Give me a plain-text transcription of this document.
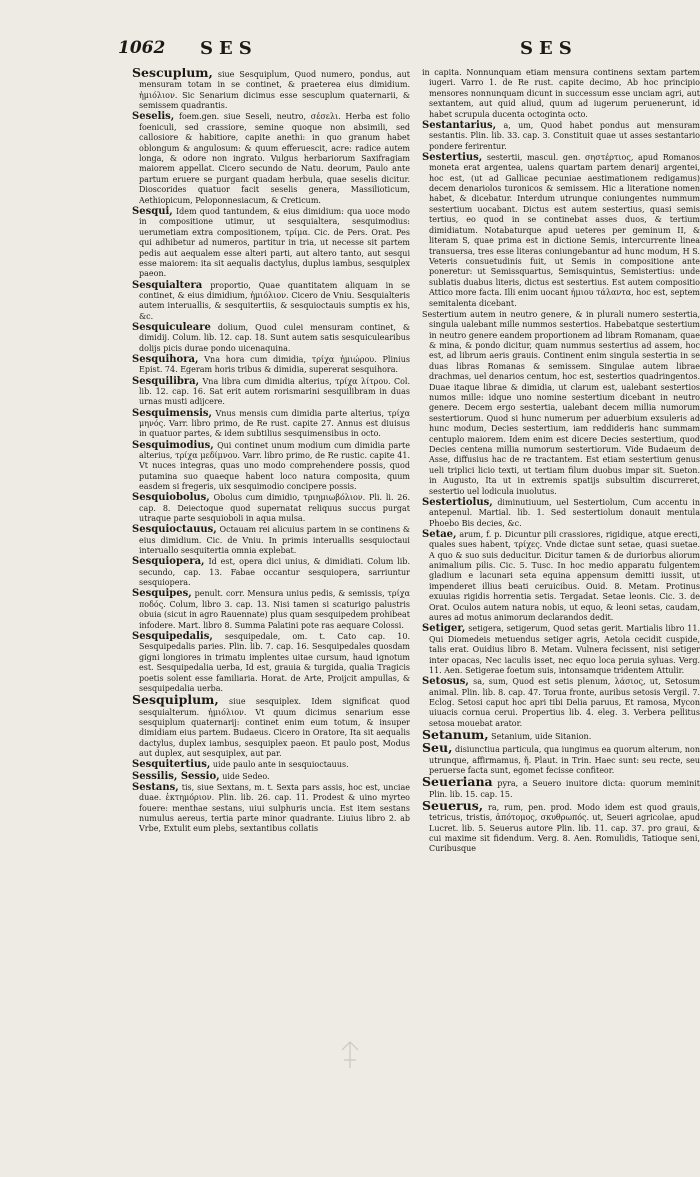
1062 SES	SES

Sescuplum, siue Sesquiplum, Quod numero, pondus, aut mensuram totam in se continet, & praeterea eius dimidium. ἡμιόλιον. Sic Senarium dicimus esse sescuplum quaternarii, & semissem quadrantis.

Seselis, foem.gen. siue Seseli, neutro, σέσελι. Herba est folio foeniculi, sed crassiore, semine quoque non absimili, sed callosiore & habitiore, capite anethi: in quo granum habet oblongum & angulosum: & quum efferuescit, acre: radice autem longa, & odore non ingrato. Vulgus herbariorum Saxifragiam maiorem appellat. Cicero secundo de Natu. deorum, Paulo ante partum eruere se purgant quadam herbula, quae seselis dicitur. Dioscorides quatuor facit seselis genera, Massilioticum, Aethiopicum, Peloponnesiacum, & Creticum.

Sesqui, Idem quod tantundem, & eius dimidium: qua uoce modo in compositione utimur, ut sesquialtera, sesquimodius: uerumetiam extra compositionem, τρίμα. Cic. de Pers. Orat. Pes qui adhibetur ad numeros, partitur in tria, ut necesse sit partem pedis aut aequalem esse alteri parti, aut altero tanto, aut sesqui esse maiorem: ita sit aequalis dactylus, duplus iambus, sesquiplex paeon.

Sesquialtera proportio, Quae quantitatem aliquam in se continet, & eius dimidium, ἡμιόλιον. Cicero de Vniu. Sesquialteris autem interuallis, & sesquitertiis, & sesquioctauis sumptis ex his, &c.

Sesquiculeare dolium, Quod culei mensuram continet, & dimidij. Colum. lib. 12. cap. 18. Sunt autem satis sesquiculearibus dolijs picis durae pondo uicenaquina.

Sesquihora, Vna hora cum dimidia, τρίχα ἡμιώρου. Plinius Epist. 74. Egeram horis tribus & dimidia, supererat sesquihora.

Sesquilibra, Vna libra cum dimidia alterius, τρίχα λίτρου. Col. lib. 12. cap. 16. Sat erit autem rorismarini sesquilibram in duas urnas musti adijcere.

Sesquimensis, Vnus mensis cum dimidia parte alterius, τρίχα μηνός. Varr. libro primo, de Re rust. capite 27. Annus est diuisus in quatuor partes, & idem subtilius sesquimensibus in octo.

Sesquimodius, Qui continet unum modium cum dimidia parte alterius, τρίχα μεδίμνου. Varr. libro primo, de Re rustic. capite 41. Vt nuces integras, quas uno modo comprehendere possis, quod putamina suo quaeque habent loco natura composita, quum easdem si fregeris, uix sesquimodio concipere possis.

Sesquiobolus, Obolus cum dimidio, τριημιωβόλιον. Pli. li. 26. cap. 8. Deiectoque quod supernatat reliquus succus purgat utraque parte sesquioboli in aqua mulsa.

Sesquioctauus, Octauam rei alicuius partem in se continens & eius dimidium. Cic. de Vniu. In primis interuallis sesquioctaui interuallo sesquitertia omnia explebat.

Sesquiopera, Id est, opera dici unius, & dimidiati. Colum lib. secundo, cap. 13. Fabae occantur sesquiopera, sarriuntur sesquiopera.

Sesquipes, penult. corr. Mensura unius pedis, & semissis, τρίχα ποδός. Colum, libro 3. cap. 13. Nisi tamen si scaturigo palustris obuia (sicut in agro Rauennate) plus quam sesquipedem prohibeat infodere. Mart. libro 8. Summa Palatini pote ras aequare Colossi.

Sesquipedalis, sesquipedale, om. t. Cato cap. 10. Sesquipedalis paries. Plin. lib. 7. cap. 16. Sesquipedales quosdam gigni longiores in trimatu implentes uitae cursum, haud ignotum est. Sesquipedalia uerba, Id est, grauia & turgida, qualia Tragicis poetis solent esse familiaria. Horat. de Arte, Proijcit ampullas, & sesquipedalia uerba.

Sesquiplum, siue sesquiplex. Idem significat quod sesquialterum. ἡμιόλιον. Vt quum dicimus senarium esse sesquiplum quaternarij: continet enim eum totum, & insuper dimidiam eius partem. Budaeus. Cicero in Oratore, Ita sit aequalis dactylus, duplex iambus, sesquiplex paeon. Et paulo post, Modus aut duplex, aut sesquiplex, aut par.

Sesquitertius, uide paulo ante in sesquioctauus.

Sessilis, Sessio, uide Sedeo.

Sestans, tis, siue Sextans, m. t. Sexta pars assis, hoc est, unciae duae. ἑκτημόριον. Plin. lib. 26. cap. 11. Prodest & uino myrteo fouere: menthae sestans, uiui sulphuris uncia. Est item sestans numulus aereus, tertia parte minor quadrante. Liuius libro 2. ab Vrbe, Extulit eum plebs, sextantibus collatis

in capita. Nonnunquam etiam mensura continens sextam partem iugeri. Varro 1. de Re rust. capite decimo, Ab hoc principio mensores nonnunquam dicunt in successum esse unciam agri, aut sextantem, aut quid aliud, quum ad iugerum peruenerunt, id habet scrupula ducenta octoginta octo.

Sestantarius, a, um, Quod habet pondus aut mensuram sestantis. Plin. lib. 33. cap. 3. Constituit quae ut asses sestantario pondere ferirentur.

Sestertius, sestertii, mascul. gen. σηστέρτιος, apud Romanos moneta erat argentea, ualens quartam partem denarij argentei, hoc est, (ut ad Gallicae pecuniae aestimationem redigamus) decem denariolos turonicos & semissem. Hic a literatione nomen habet, & dicebatur. Interdum utrunque coniungentes nummum sestertium uocabant. Dictus est autem sestertius, quasi semis tertius, eo quod in se continebat asses duos, & tertium dimidiatum. Notabaturque apud ueteres per geminum II, & literam S, quae prima est in dictione Semis, intercurrente linea transuersa, tres esse literas coniungebantur ad hunc modum, H S. Veteris consuetudinis fuit, ut Semis in compositione ante poneretur: ut Semissquartus, Semisquintus, Semistertius: unde sublatis duabus literis, dictus est sestertius. Est autem compositio Attico more facta. Illi enim uocant ἡμιου τάλαντα, hoc est, septem semitalenta dicebant.

Sestertium autem in neutro genere, & in plurali numero sestertia, singula ualebant mille nummos sestertios. Habebatque sestertium in neutro genere eandem proportionem ad libram Romanam, quae & mina, & pondo dicitur, quam nummus sestertius ad assem, hoc est, ad librum aeris grauis. Continent enim singula sestertia in se duas libras Romanas & semissem. Singulae autem librae drachmas, uel denarios centum, hoc est, sestertios quadringentos. Duae itaque librae & dimidia, ut clarum est, ualebant sestertios numos mille: idque uno nomine sestertium dicebant in neutro genere. Decem ergo sestertia, ualebant decem millia numorum sestertiorum. Quod si hunc numerum per aduerbium exsuleris ad hunc modum, Decies sestertium, iam reddideris hanc summam centuplo maiorem. Idem enim est dicere Decies sestertium, quod Decies centena millia numorum sestertiorum. Vide Budaeum de Asse, diffusius hac de re tractantem. Est etiam sestertium genus ueli triplici licio texti, ut tertiam filum duobus impar sit. Sueton. in Augusto, Ita ut in extremis spatijs subsultim discurreret, sestertio uel lodicula inuolutus.

Sestertiolus, diminutiuum, uel Sestertiolum, Cum accentu in antepenul. Martial. lib. 1. Sed sestertiolum donauit mentula Phoebo Bis decies, &c.

Setae, arum, f. p. Dicuntur pili crassiores, rigidique, atque erecti, quales sues habent, τρίχες. Vnde dictae sunt setae, quasi suetae. A quo & suo suis deducitur. Dicitur tamen & de duriorbus aliorum animalium pilis. Cic. 5. Tusc. In hoc medio apparatu fulgentem gladium e lacunari seta equina appensum demitti iussit, ut impenderet illius beati ceruicibus. Ouid. 8. Metam. Protinus exuuias rigidis horrentia setis. Tergadat. Setae leonis. Cic. 3. de Orat. Oculos autem natura nobis, ut equo, & leoni setas, caudam, aures ad motus animorum declarandos dedit.

Setiger, setigera, setigerum, Quod setas gerit. Martialis libro 11. Qui Diomedeis metuendus setiger agris, Aetola cecidit cuspide, talis erat. Ouidius libro 8. Metam. Vulnera fecissent, nisi setiger inter opacas, Nec iaculis isset, nec equo loca peruia syluas. Verg. 11. Aen. Setigerae foetum suis, intonsamque tridentem Attulir.

Setosus, sa, sum, Quod est setis plenum, λάσιος, ut, Setosum animal. Plin. lib. 8. cap. 47. Torua fronte, auribus setosis Vergil. 7. Eclog. Setosi caput hoc apri tibi Delia paruus, Et ramosa, Mycon uiuacis cornua cerui. Propertius lib. 4. eleg. 3. Verbera pellitus setosa mouebat arator.

Setanum, Setanium, uide Sitanion.

Seu, disiunctiua particula, qua iungimus ea quorum alterum, non utrunque, affirmamus, ἤ. Plaut. in Trin. Haec sunt: seu recte, seu peruerse facta sunt, egomet fecisse confiteor.

Seueriana pyra, a Seuero inuitore dicta: quorum meminit Plin. lib. 15. cap. 15.

Seuerus, ra, rum, pen. prod. Modo idem est quod grauis, tetricus, tristis, ἀπότομος, σκυθρωπός. ut, Seueri agricolae, apud Lucret. lib. 5. Seuerus autore Plin. lib. 11. cap. 37. pro graui, & cui maxime sit fidendum. Verg. 8. Aen. Romulidis, Tatioque seni, Curibusque
